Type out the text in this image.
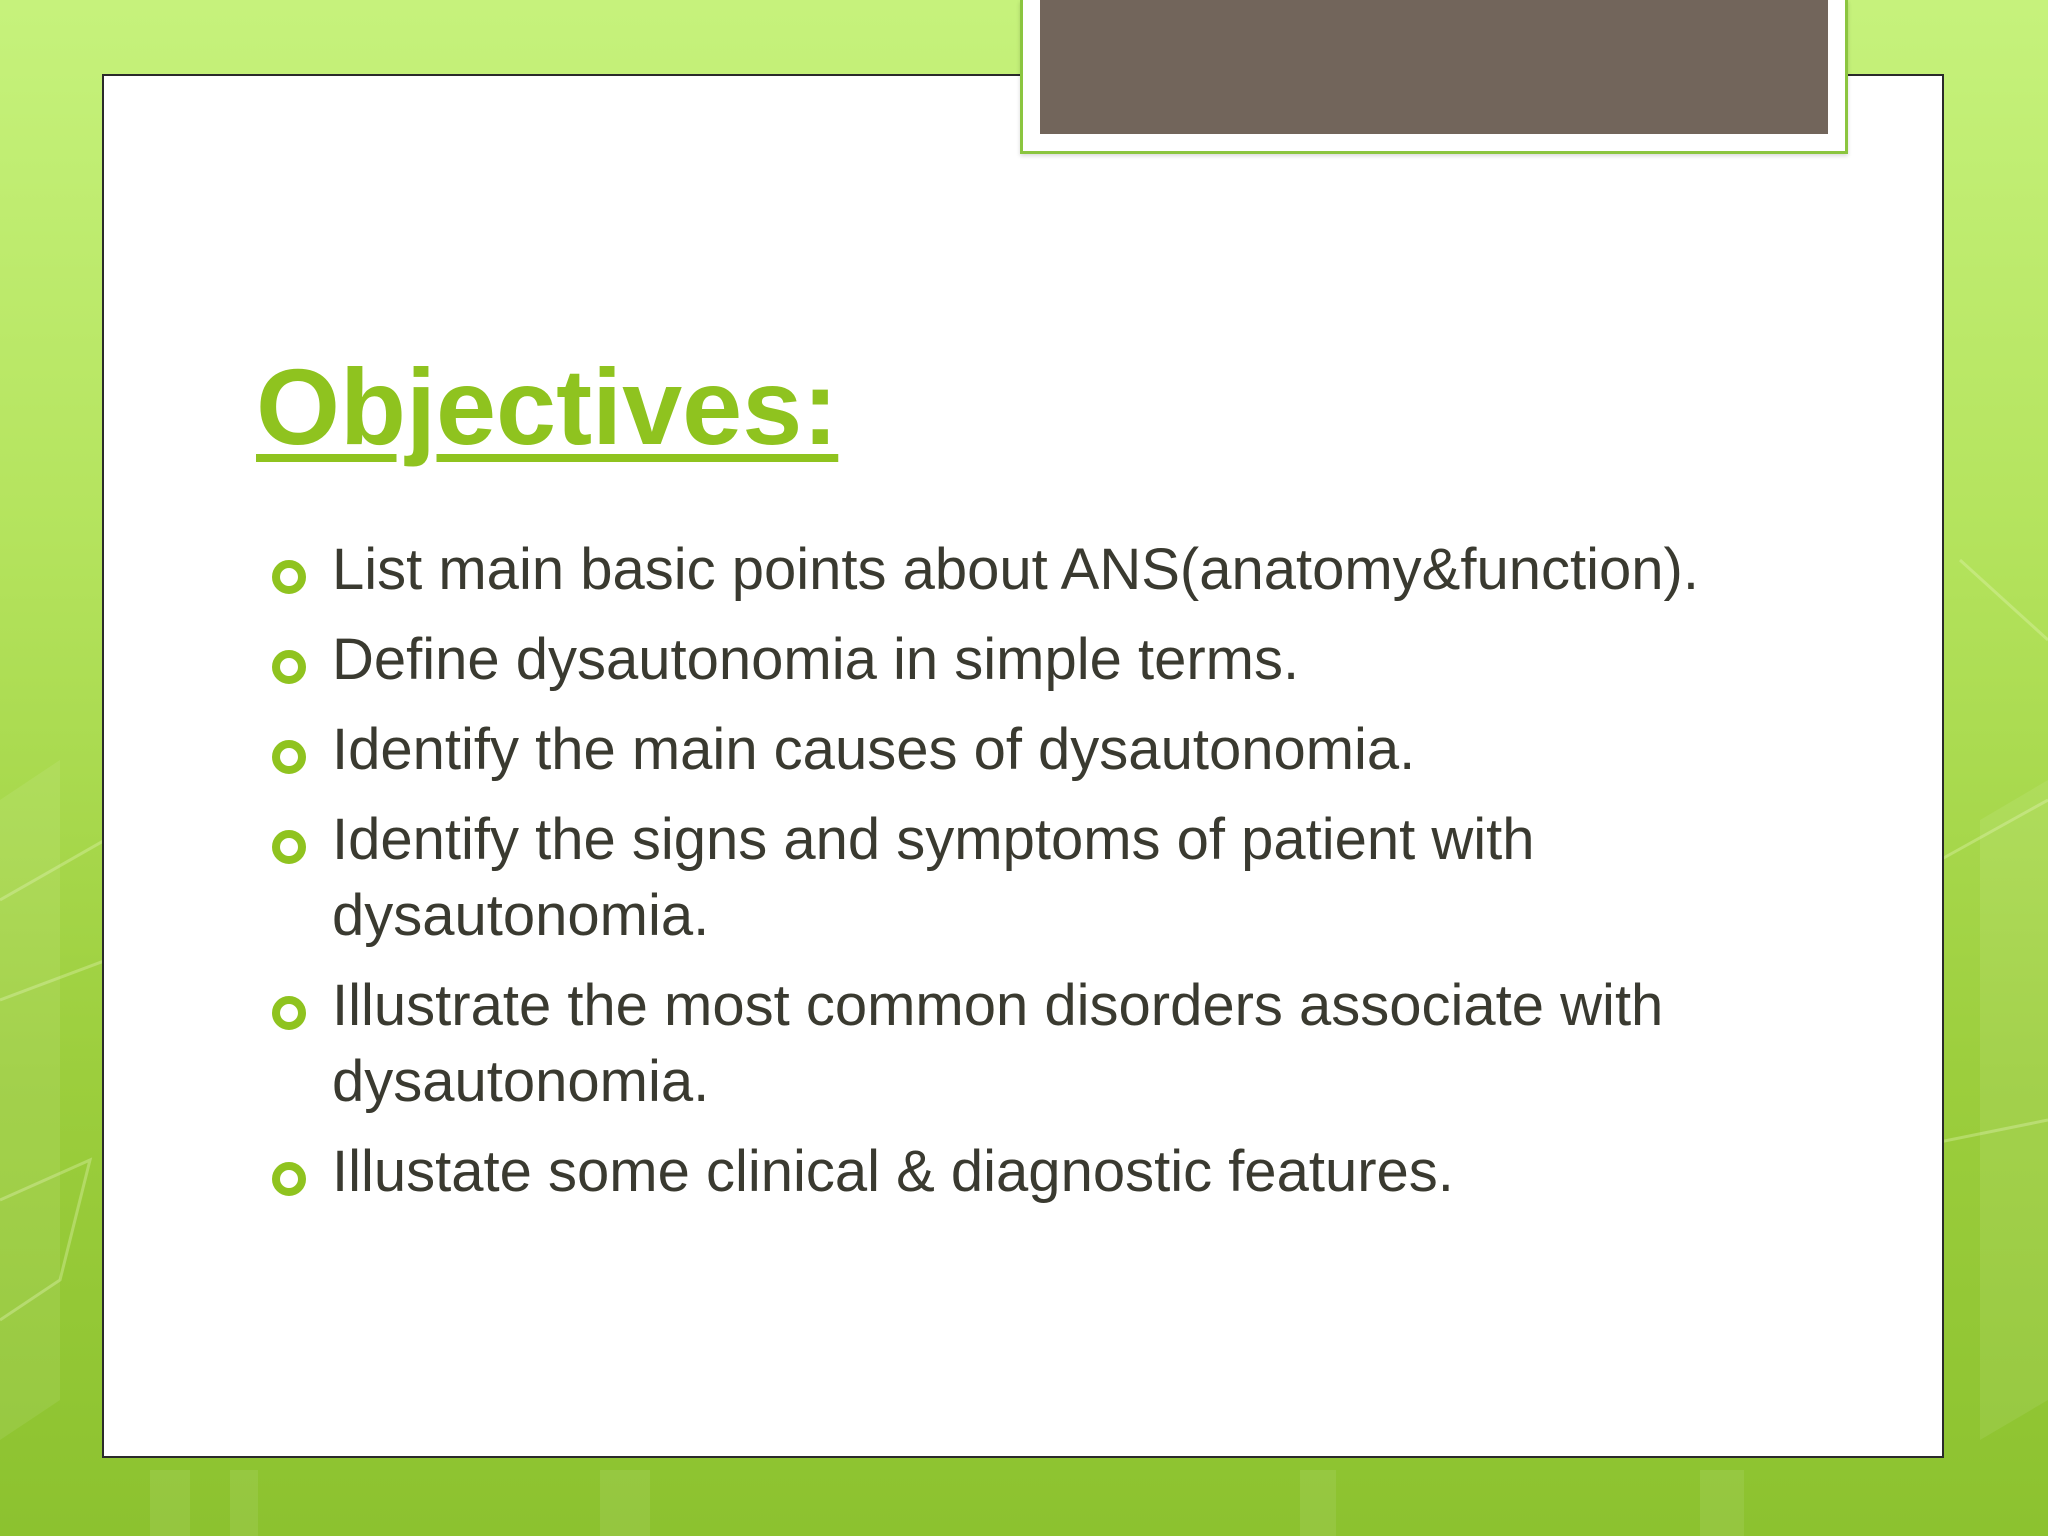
Objectives:
List main basic points about ANS(anatomy&function).
Define dysautonomia in simple terms.
Identify the main causes of dysautonomia.
Identify the signs and symptoms of patient with dysautonomia.
Illustrate the most common disorders associate with dysautonomia.
Illustate some clinical & diagnostic features.
